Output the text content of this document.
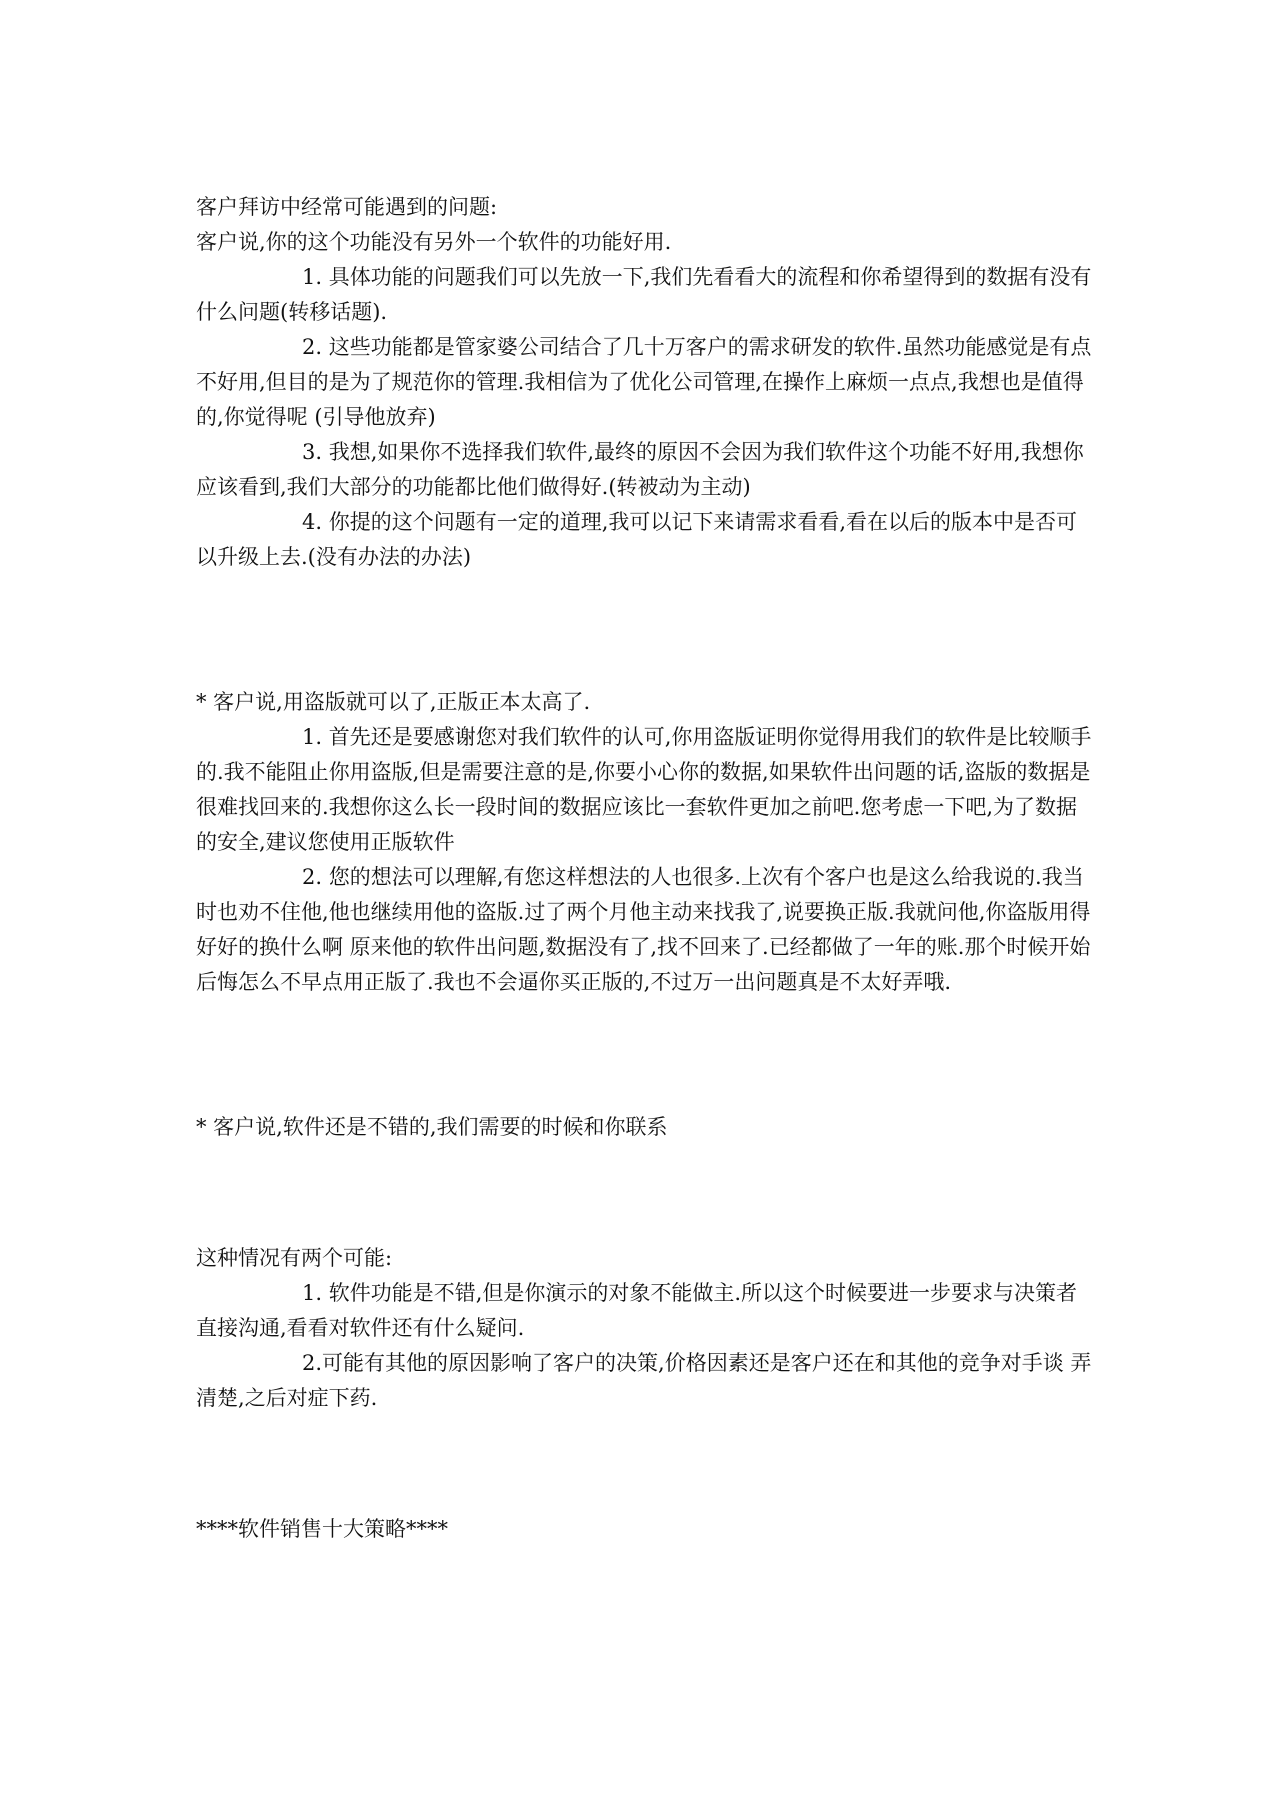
客户拜访中经常可能遇到的问题:
客户说,你的这个功能没有另外一个软件的功能好用.
1. 具体功能的问题我们可以先放一下,我们先看看大的流程和你希望得到的数据有没有什么问题(转移话题).
2. 这些功能都是管家婆公司结合了几十万客户的需求研发的软件.虽然功能感觉是有点不好用,但目的是为了规范你的管理.我相信为了优化公司管理,在操作上麻烦一点点,我想也是值得的,你觉得呢 (引导他放弃)
3. 我想,如果你不选择我们软件,最终的原因不会因为我们软件这个功能不好用,我想你应该看到,我们大部分的功能都比他们做得好.(转被动为主动)
4. 你提的这个问题有一定的道理,我可以记下来请需求看看,看在以后的版本中是否可以升级上去.(没有办法的办法)
* 客户说,用盗版就可以了,正版正本太高了.
1. 首先还是要感谢您对我们软件的认可,你用盗版证明你觉得用我们的软件是比较顺手的.我不能阻止你用盗版,但是需要注意的是,你要小心你的数据,如果软件出问题的话,盗版的数据是很难找回来的.我想你这么长一段时间的数据应该比一套软件更加之前吧.您考虑一下吧,为了数据的安全,建议您使用正版软件
2. 您的想法可以理解,有您这样想法的人也很多.上次有个客户也是这么给我说的.我当时也劝不住他,他也继续用他的盗版.过了两个月他主动来找我了,说要换正版.我就问他,你盗版用得好好的换什么啊 原来他的软件出问题,数据没有了,找不回来了.已经都做了一年的账.那个时候开始后悔怎么不早点用正版了.我也不会逼你买正版的,不过万一出问题真是不太好弄哦.
* 客户说,软件还是不错的,我们需要的时候和你联系
这种情况有两个可能:
1. 软件功能是不错,但是你演示的对象不能做主.所以这个时候要进一步要求与决策者直接沟通,看看对软件还有什么疑问.
2.可能有其他的原因影响了客户的决策,价格因素还是客户还在和其他的竞争对手谈 弄清楚,之后对症下药.
****软件销售十大策略****
